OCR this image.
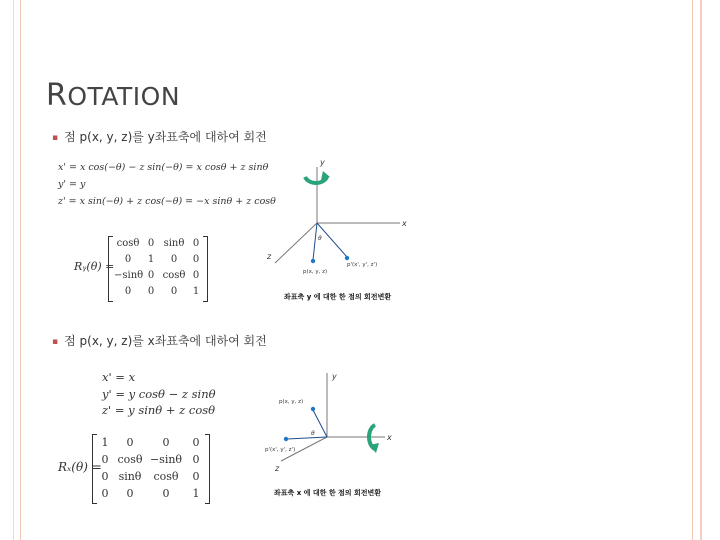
ROTATION
▪ 점 p(x, y, z)를 y좌표축에 대하여 회전
x' = x cos(−θ) − z sin(−θ) = x cosθ + z sinθ
y' = y
z' = x sin(−θ) + z cos(−θ) = −x sinθ + z cosθ
Rᵧ(θ) =
cosθ 0 sinθ 0
0	1	0	0
−sinθ 0 cosθ 0
0	0	0	1
y
x
z
θ
p(x, y, z)
p'(x', y', z')
좌표축 y 에 대한 한 점의 회전변환
▪ 점 p(x, y, z)를 x좌표축에 대하여 회전
x' = x
y' = y cosθ − z sinθ
z' = y sinθ + z cosθ
Rₓ(θ) =
1	0	0	0
0 cosθ −sinθ 0
0 sinθ	cosθ	0
0	0	0	1
y
x
z
θ
p(x, y, z)
p'(x', y', z')
좌표축 x 에 대한 한 점의 회전변환
